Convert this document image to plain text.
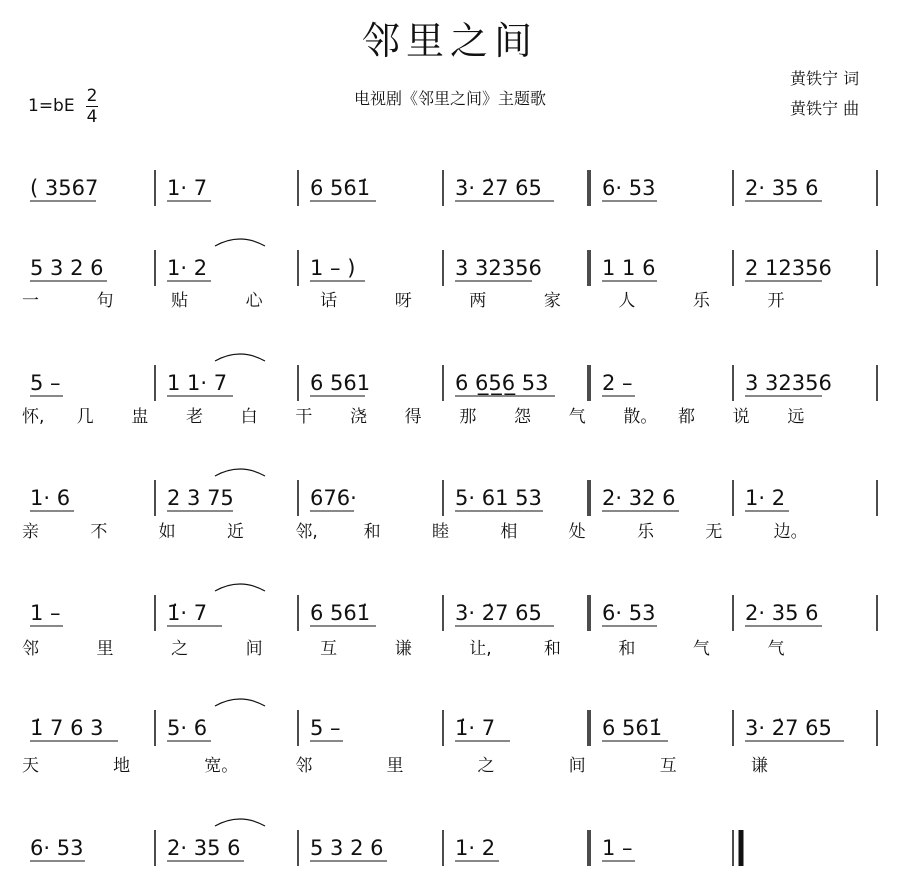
邻里之间
电视剧《邻里之间》主题歌
$1=bE \frac{2}{4}$
黄铁宁 词
黄铁宁 曲
( 3567	1· 7	6 561̇	3· 2̇7 65	6· 53	2· 35 6
5 3 2 6	1· 2	1 – )	3 32356	1 1 6	2 12356
一	句	贴	心	话	呀	两	家	人	乐	开
5 –	1 1· 7	6 561	6 6̲5̲6̲ 53	2 –	3 32356
怀, 几 盅 老 白 干 浇 得 那 怨 气 散。 都 说 远
1· 6	2 3 75	676·	5· 61 53	2· 32 6	1· 2
亲	不	如	近	邻,	和	睦	相	处	乐	无	边。
1 –	1̇· 7	6 561̇	3· 2̇7 65	6· 53	2· 35 6
邻	里	之	间	互	谦	让,	和	和	气	气
1̇ 7 6 3	5· 6	5 –	1̇· 7	6 561̇	3· 2̇7 65
天	地	宽。	邻	里	之	间	互	谦
6· 53	2· 35 6	5 3 2 6	1· 2	1 –
